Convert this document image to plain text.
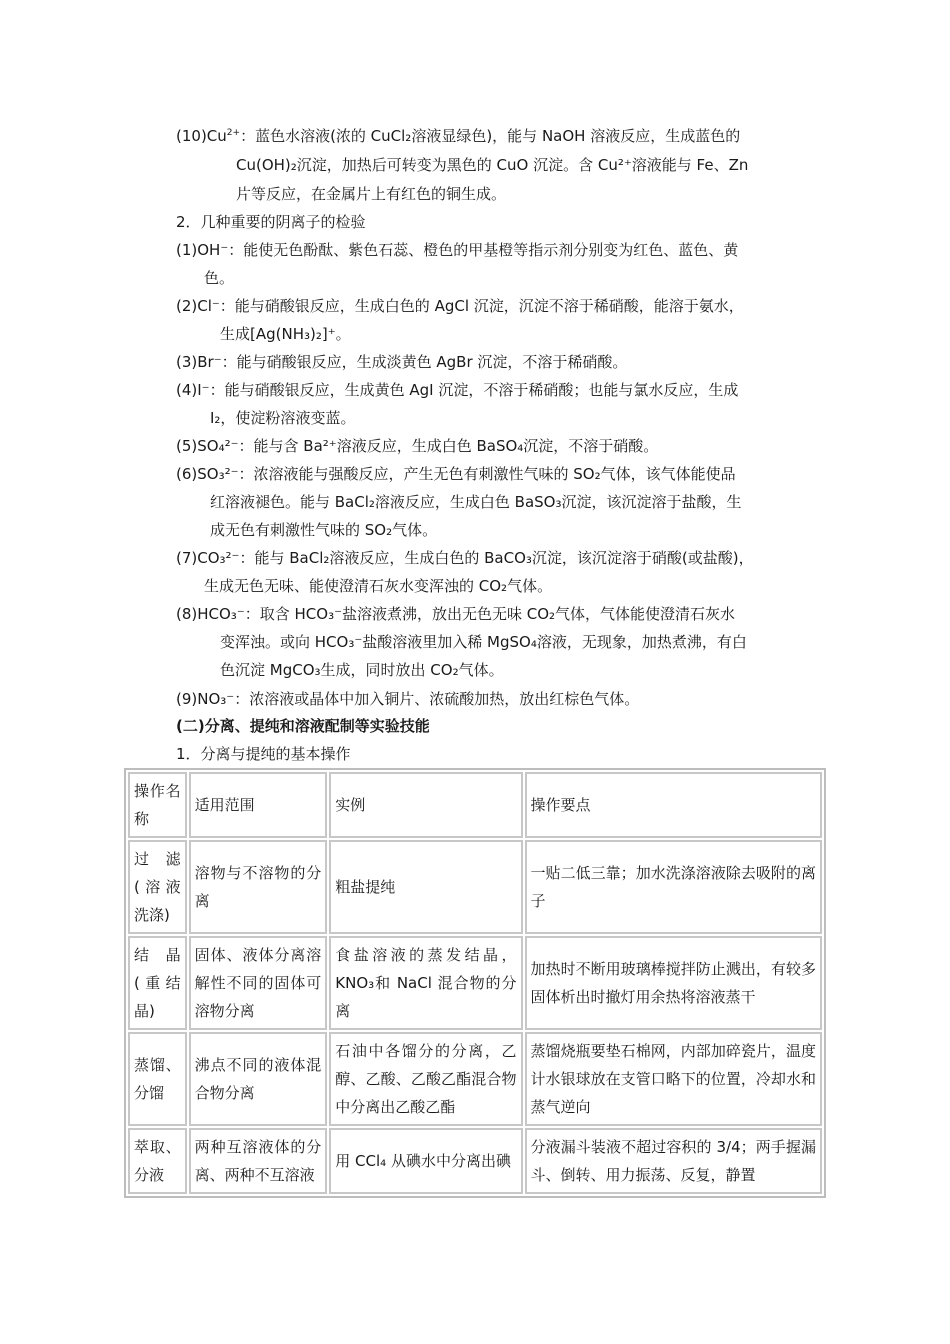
$(10)Cu^{2+}$：蓝色水溶液(浓的 CuCl₂溶液显绿色)，能与 NaOH 溶液反应，生成蓝色的
Cu(OH)₂沉淀，加热后可转变为黑色的 CuO 沉淀。含 Cu²⁺溶液能与 Fe、Zn
片等反应，在金属片上有红色的铜生成。
2．几种重要的阴离子的检验
(1)OH⁻：能使无色酚酞、紫色石蕊、橙色的甲基橙等指示剂分别变为红色、蓝色、黄
色。
(2)Cl⁻：能与硝酸银反应，生成白色的 AgCl 沉淀，沉淀不溶于稀硝酸，能溶于氨水，
生成[Ag(NH₃)₂]⁺。
(3)Br⁻：能与硝酸银反应，生成淡黄色 AgBr 沉淀，不溶于稀硝酸。
(4)I⁻：能与硝酸银反应，生成黄色 AgI 沉淀，不溶于稀硝酸；也能与氯水反应，生成
I₂，使淀粉溶液变蓝。
(5)SO₄²⁻：能与含 Ba²⁺溶液反应，生成白色 BaSO₄沉淀，不溶于硝酸。
(6)SO₃²⁻：浓溶液能与强酸反应，产生无色有刺激性气味的 SO₂气体，该气体能使品
红溶液褪色。能与 BaCl₂溶液反应，生成白色 BaSO₃沉淀，该沉淀溶于盐酸，生
成无色有刺激性气味的 SO₂气体。
(7)CO₃²⁻：能与 BaCl₂溶液反应，生成白色的 BaCO₃沉淀，该沉淀溶于硝酸(或盐酸)，
生成无色无味、能使澄清石灰水变浑浊的 CO₂气体。
(8)HCO₃⁻：取含 HCO₃⁻盐溶液煮沸，放出无色无味 CO₂气体，气体能使澄清石灰水
变浑浊。或向 HCO₃⁻盐酸溶液里加入稀 MgSO₄溶液，无现象，加热煮沸，有白
色沉淀 MgCO₃生成，同时放出 CO₂气体。
(9)NO₃⁻：浓溶液或晶体中加入铜片、浓硫酸加热，放出红棕色气体。
(二)分离、提纯和溶液配制等实验技能
1．分离与提纯的基本操作
操作名称	适用范围	实例	操作要点
过　滤(溶液洗涤)	溶物与不溶物的分离	粗盐提纯	一贴二低三靠；加水洗涤溶液除去吸附的离子
结　晶(重结晶)	固体、液体分离溶解性不同的固体可溶物分离	食盐溶液的蒸发结晶，KNO₃和 NaCl 混合物的分离	加热时不断用玻璃棒搅拌防止溅出，有较多固体析出时撤灯用余热将溶液蒸干
蒸馏、分馏	沸点不同的液体混合物分离	石油中各馏分的分离，乙醇、乙酸、乙酸乙酯混合物中分离出乙酸乙酯	蒸馏烧瓶要垫石棉网，内部加碎瓷片，温度计水银球放在支管口略下的位置，冷却水和蒸气逆向
萃取、分液	两种互溶液体的分离、两种不互溶液	用 CCl₄ 从碘水中分离出碘	分液漏斗装液不超过容积的 3/4；两手握漏斗、倒转、用力振荡、反复，静置
